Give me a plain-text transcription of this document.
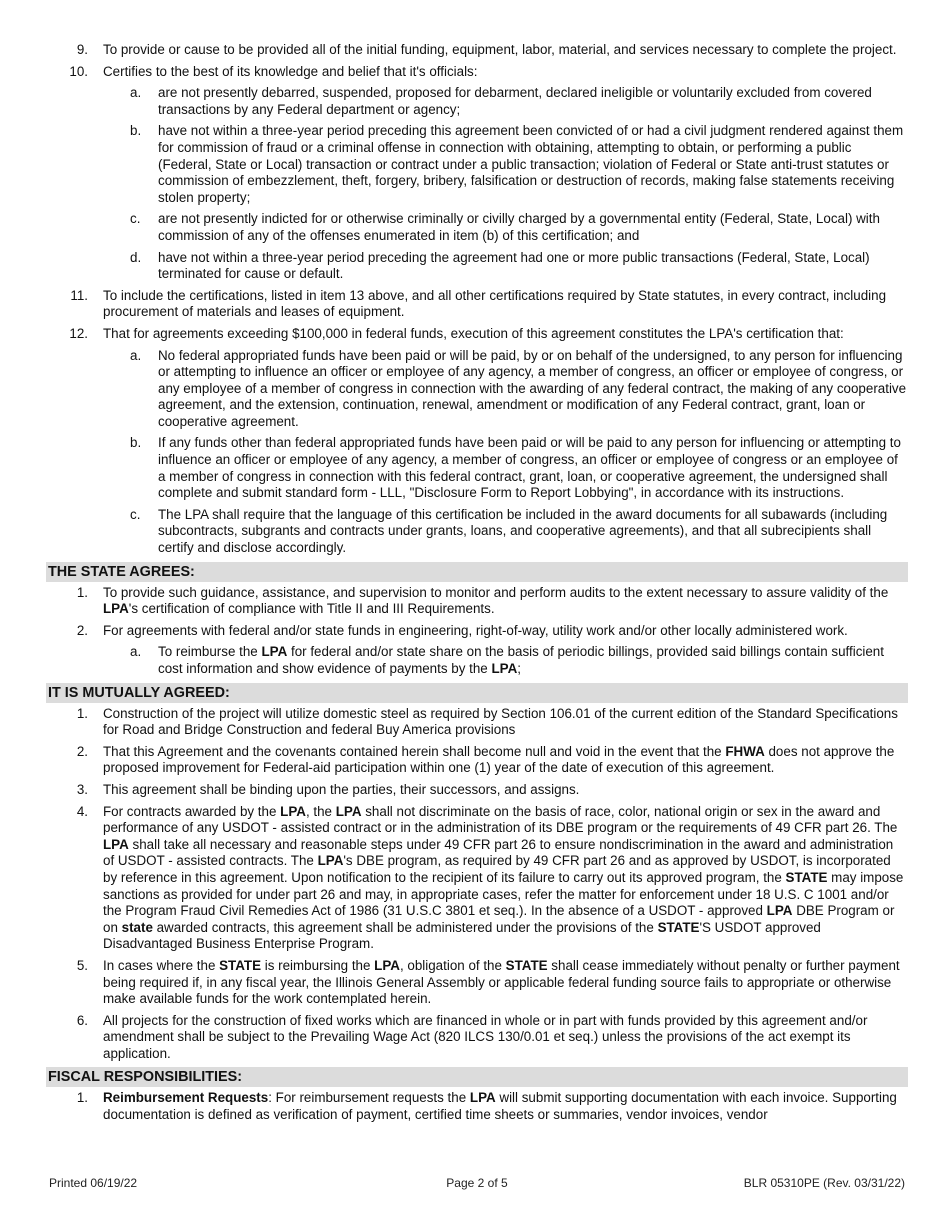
9. To provide or cause to be provided all of the initial funding, equipment, labor, material, and services necessary to complete the project.
10. Certifies to the best of its knowledge and belief that it's officials:
a. are not presently debarred, suspended, proposed for debarment, declared ineligible or voluntarily excluded from covered transactions by any Federal department or agency;
b. have not within a three-year period preceding this agreement been convicted of or had a civil judgment rendered against them for commission of fraud or a criminal offense in connection with obtaining, attempting to obtain, or performing a public (Federal, State or Local) transaction or contract under a public transaction; violation of Federal or State anti-trust statutes or commission of embezzlement, theft, forgery, bribery, falsification or destruction of records, making false statements receiving stolen property;
c. are not presently indicted for or otherwise criminally or civilly charged by a governmental entity (Federal, State, Local) with commission of any of the offenses enumerated in item (b) of this certification; and
d. have not within a three-year period preceding the agreement had one or more public transactions (Federal, State, Local) terminated for cause or default.
11. To include the certifications, listed in item 13 above, and all other certifications required by State statutes, in every contract, including procurement of materials and leases of equipment.
12. That for agreements exceeding $100,000 in federal funds, execution of this agreement constitutes the LPA's certification that:
a. No federal appropriated funds have been paid or will be paid, by or on behalf of the undersigned, to any person for influencing or attempting to influence an officer or employee of any agency, a member of congress, an officer or employee of congress, or any employee of a member of congress in connection with the awarding of any federal contract, the making of any cooperative agreement, and the extension, continuation, renewal, amendment or modification of any Federal contract, grant, loan or cooperative agreement.
b. If any funds other than federal appropriated funds have been paid or will be paid to any person for influencing or attempting to influence an officer or employee of any agency, a member of congress, an officer or employee of congress or an employee of a member of congress in connection with this federal contract, grant, loan, or cooperative agreement, the undersigned shall complete and submit standard form - LLL, "Disclosure Form to Report Lobbying", in accordance with its instructions.
c. The LPA shall require that the language of this certification be included in the award documents for all subawards (including subcontracts, subgrants and contracts under grants, loans, and cooperative agreements), and that all subrecipients shall certify and disclose accordingly.
THE STATE AGREES:
1. To provide such guidance, assistance, and supervision to monitor and perform audits to the extent necessary to assure validity of the LPA's certification of compliance with Title II and III Requirements.
2. For agreements with federal and/or state funds in engineering, right-of-way, utility work and/or other locally administered work.
a. To reimburse the LPA for federal and/or state share on the basis of periodic billings, provided said billings contain sufficient cost information and show evidence of payments by the LPA;
IT IS MUTUALLY AGREED:
1. Construction of the project will utilize domestic steel as required by Section 106.01 of the current edition of the Standard Specifications for Road and Bridge Construction and federal Buy America provisions
2. That this Agreement and the covenants contained herein shall become null and void in the event that the FHWA does not approve the proposed improvement for Federal-aid participation within one (1) year of the date of execution of this agreement.
3. This agreement shall be binding upon the parties, their successors, and assigns.
4. For contracts awarded by the LPA, the LPA shall not discriminate on the basis of race, color, national origin or sex in the award and performance of any USDOT - assisted contract or in the administration of its DBE program or the requirements of 49 CFR part 26. The LPA shall take all necessary and reasonable steps under 49 CFR part 26 to ensure nondiscrimination in the award and administration of USDOT - assisted contracts. The LPA's DBE program, as required by 49 CFR part 26 and as approved by USDOT, is incorporated by reference in this agreement. Upon notification to the recipient of its failure to carry out its approved program, the STATE may impose sanctions as provided for under part 26 and may, in appropriate cases, refer the matter for enforcement under 18 U.S. C 1001 and/or the Program Fraud Civil Remedies Act of 1986 (31 U.S.C 3801 et seq.). In the absence of a USDOT - approved LPA DBE Program or on state awarded contracts, this agreement shall be administered under the provisions of the STATE'S USDOT approved Disadvantaged Business Enterprise Program.
5. In cases where the STATE is reimbursing the LPA, obligation of the STATE shall cease immediately without penalty or further payment being required if, in any fiscal year, the Illinois General Assembly or applicable federal funding source fails to appropriate or otherwise make available funds for the work contemplated herein.
6. All projects for the construction of fixed works which are financed in whole or in part with funds provided by this agreement and/or amendment shall be subject to the Prevailing Wage Act (820 ILCS 130/0.01 et seq.) unless the provisions of the act exempt its application.
FISCAL RESPONSIBILITIES:
1. Reimbursement Requests: For reimbursement requests the LPA will submit supporting documentation with each invoice. Supporting documentation is defined as verification of payment, certified time sheets or summaries, vendor invoices, vendor
Printed 06/19/22	Page 2 of 5	BLR 05310PE (Rev. 03/31/22)
